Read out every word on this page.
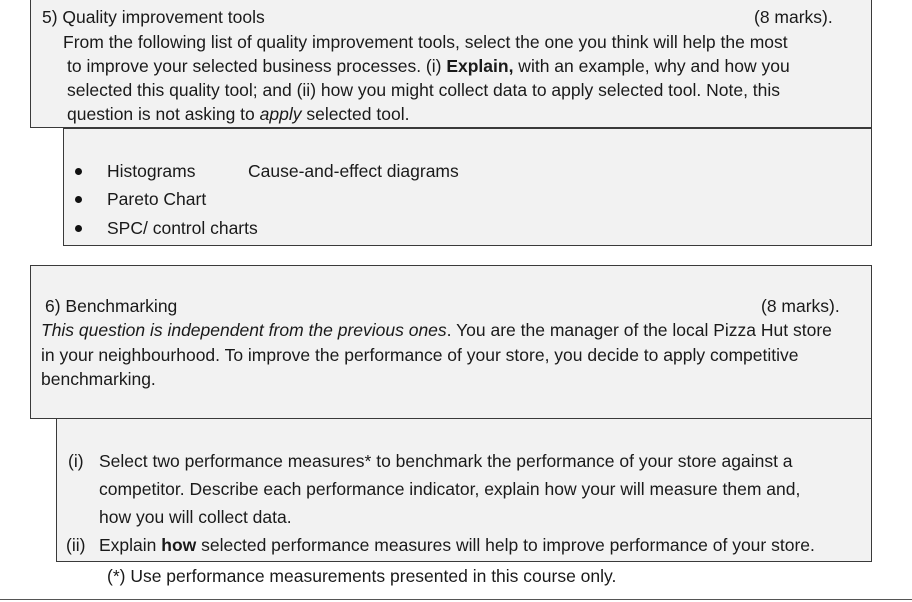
5) Quality improvement tools	(8 marks).
From the following list of quality improvement tools, select the one you think will help the most
to improve your selected business processes. (i) Explain, with an example, why and how you
selected this quality tool; and (ii) how you might collect data to apply selected tool. Note, this
question is not asking to apply selected tool.
Histograms	Cause-and-effect diagrams
Pareto Chart
SPC/ control charts
6) Benchmarking	(8 marks).
This question is independent from the previous ones. You are the manager of the local Pizza Hut store
in your neighbourhood. To improve the performance of your store, you decide to apply competitive
benchmarking.
(i) Select two performance measures* to benchmark the performance of your store against a
competitor. Describe each performance indicator, explain how your will measure them and,
how you will collect data.
(ii) Explain how selected performance measures will help to improve performance of your store.
(*) Use performance measurements presented in this course only.
